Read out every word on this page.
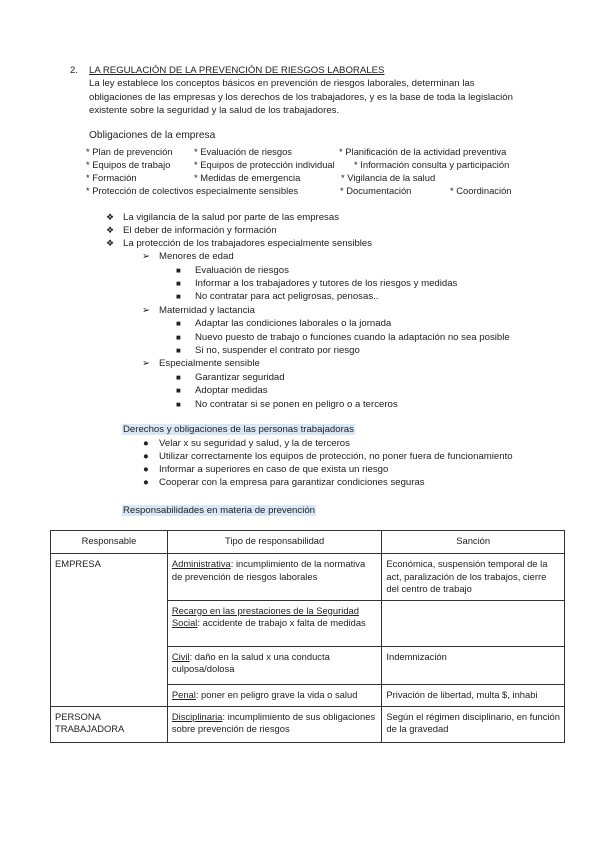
2. LA REGULACIÓN DE LA PREVENCIÓN DE RIESGOS LABORALES
La ley establece los conceptos básicos en prevención de riesgos laborales, determinan las
obligaciones de las empresas y los derechos de los trabajadores, y es la base de toda la legislación
existente sobre la seguridad y la salud de los trabajadores.
Obligaciones de la empresa
* Plan de prevención * Evaluación de riesgos	* Planificación de la actividad preventiva
* Equipos de trabajo	* Equipos de protección individual * Información consulta y participación
* Formación	* Medidas de emergencia	* Vigilancia de la salud
* Protección de colectivos especialmente sensibles	* Documentación	* Coordinación
❖ La vigilancia de la salud por parte de las empresas
❖ El deber de información y formación
❖ La protección de los trabajadores especialmente sensibles
➢ Menores de edad
■ Evaluación de riesgos
■ Informar a los trabajadores y tutores de los riesgos y medidas
■ No contratar para act peligrosas, penosas..
➢ Maternidad y lactancia
■ Adaptar las condiciones laborales o la jornada
■ Nuevo puesto de trabajo o funciones cuando la adaptación no sea posible
■ Si no, suspender el contrato por riesgo
➢ Especialmente sensible
■ Garantizar seguridad
■ Adoptar medidas
■ No contratar si se ponen en peligro o a terceros
Derechos y obligaciones de las personas trabajadoras
● Velar x su seguridad y salud, y la de terceros
● Utilizar correctamente los equipos de protección, no poner fuera de funcionamiento
● Informar a superiores en caso de que exista un riesgo
● Cooperar con la empresa para garantizar condiciones seguras
Responsabilidades en materia de prevención
Responsable	Tipo de responsabilidad	Sanción
EMPRESA	Administrativa: incumplimiento de la normativa de prevención de riesgos laborales	Económica, suspensión temporal de la act, paralización de los trabajos, cierre del centro de trabajo
	Recargo en las prestaciones de la Seguridad Social: accidente de trabajo x falta de medidas	
	Civil: daño en la salud x una conducta culposa/dolosa	Indemnización
	Penal: poner en peligro grave la vida o salud	Privación de libertad, multa $, inhabi

PERSONA
TRABAJADORA	Disciplinaria: incumplimiento de sus obligaciones sobre prevención de riesgos	Según el régimen disciplinario, en función de la gravedad
